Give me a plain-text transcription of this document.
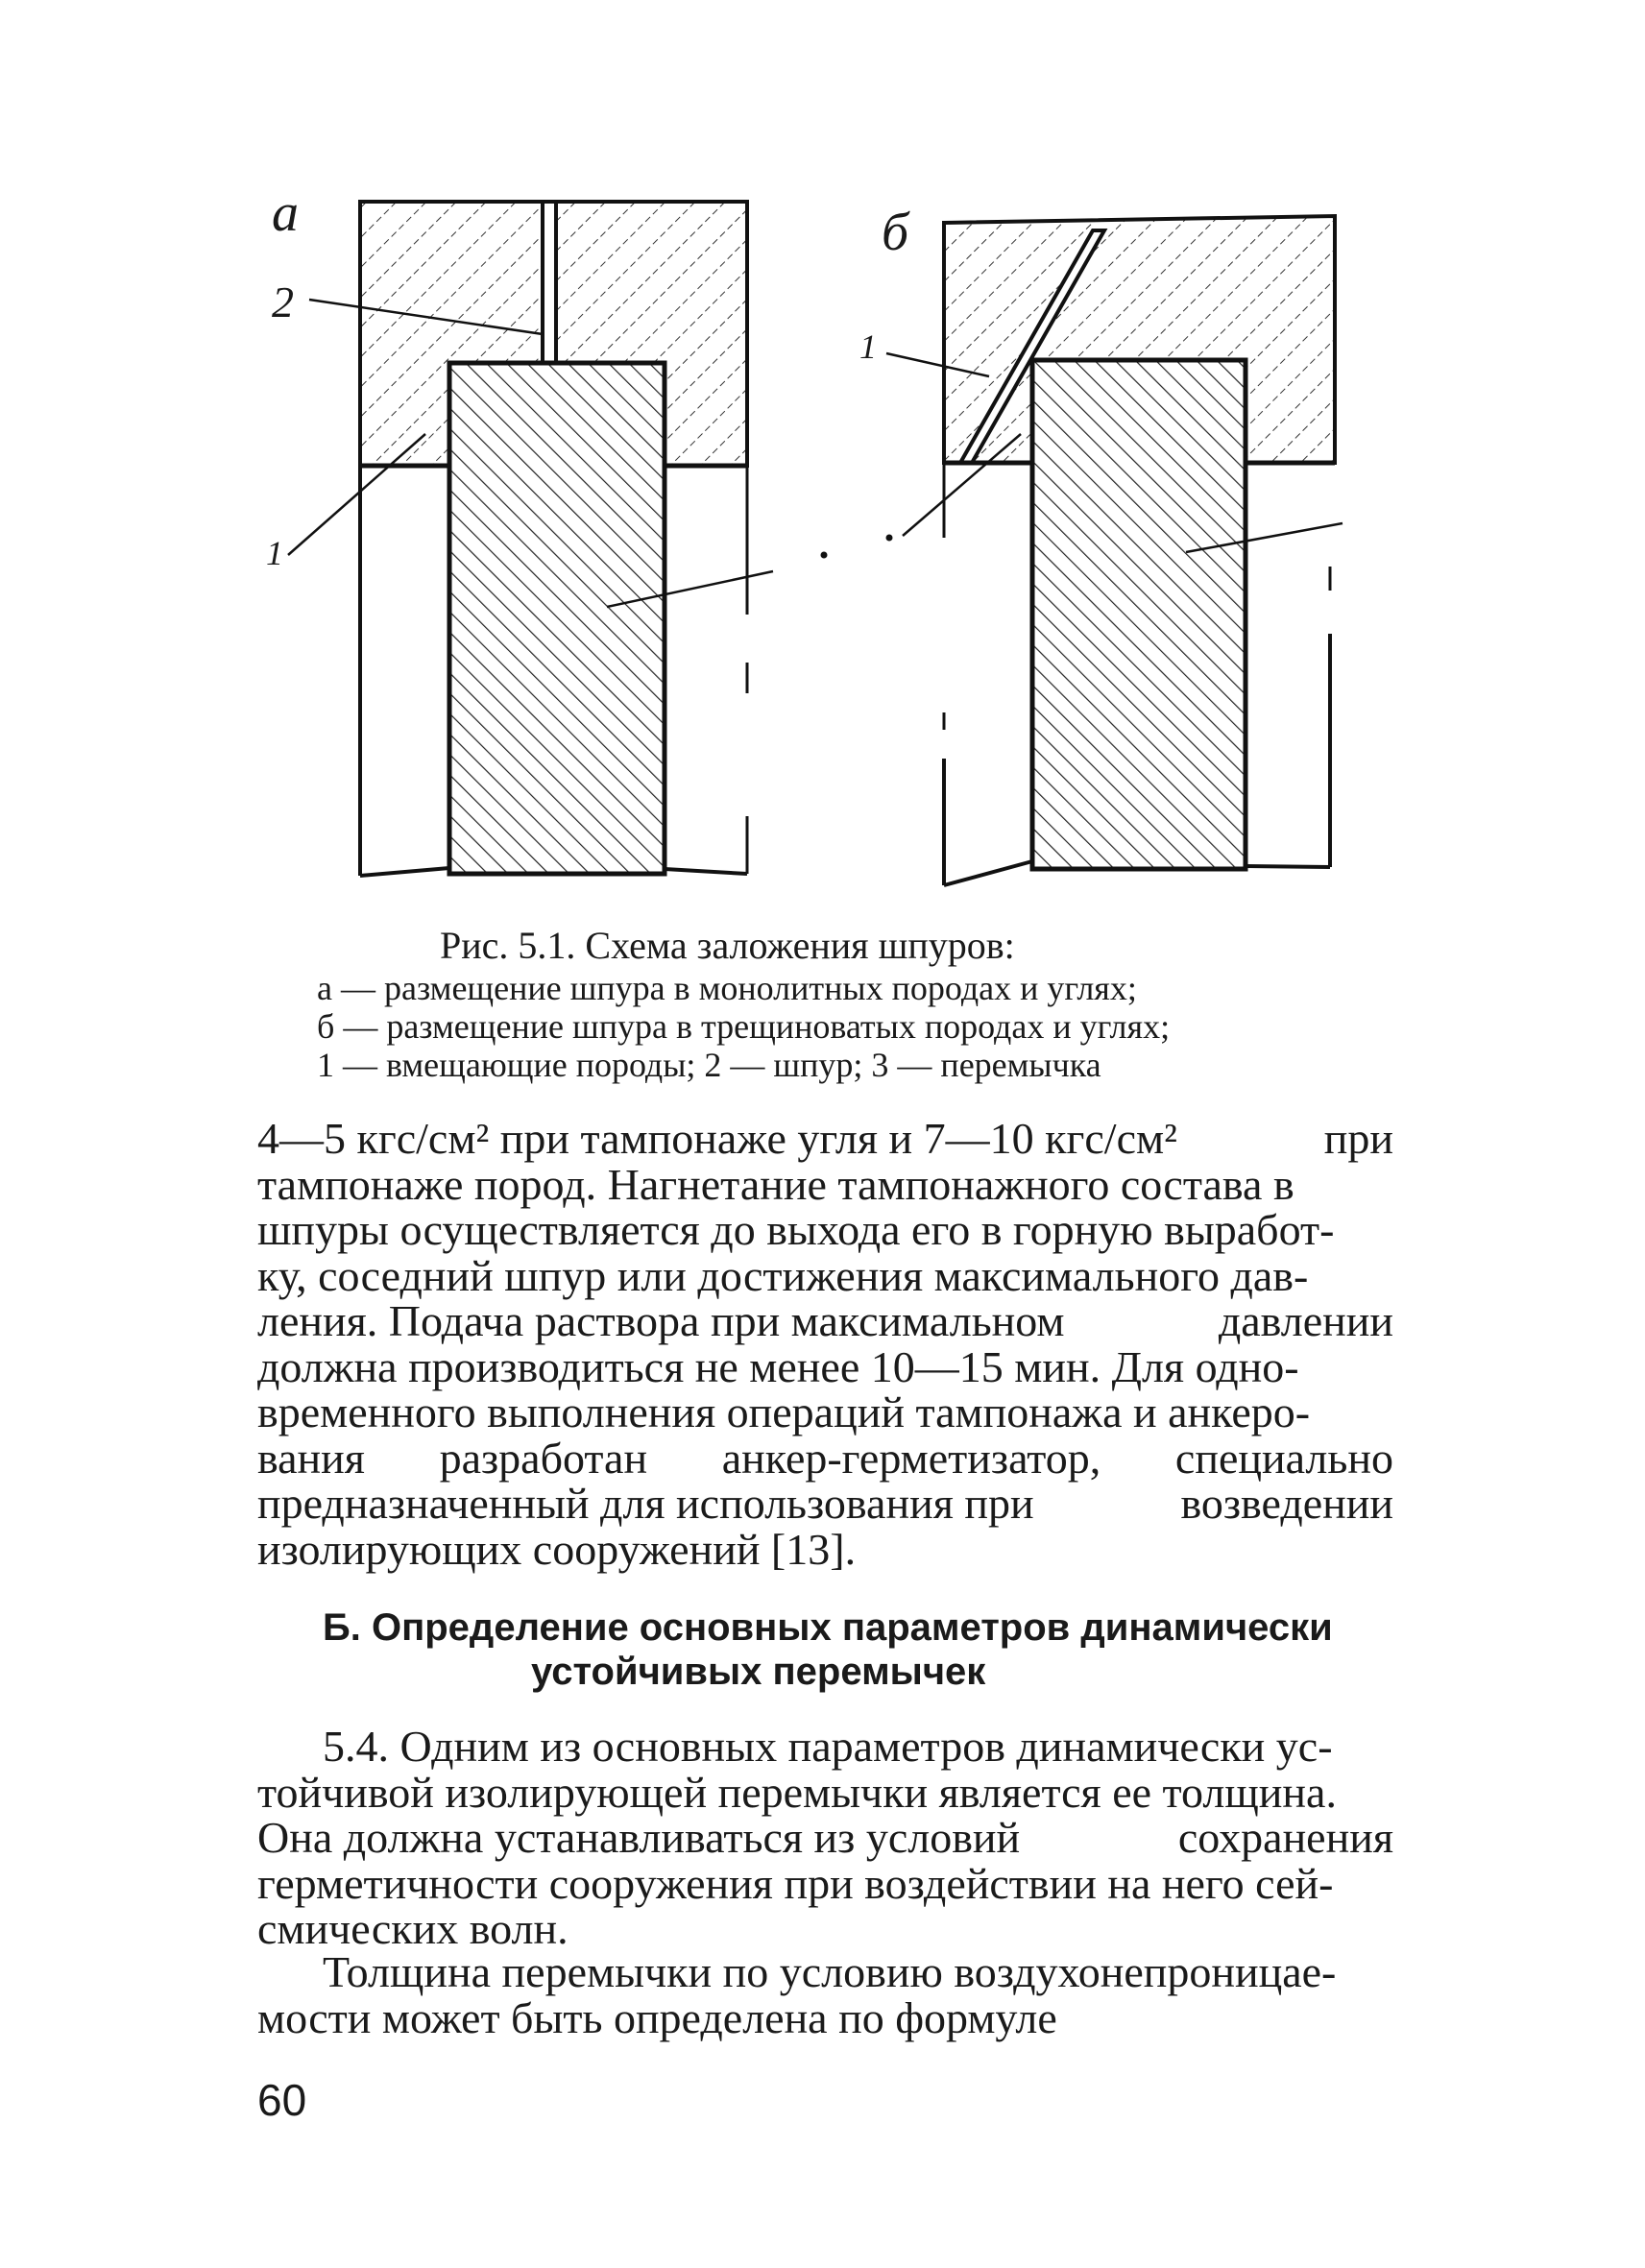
а
2
1
б
1
Рис. 5.1. Схема заложения шпуров:
а — размещение шпура в монолитных породах и углях;
б — размещение шпура в трещиноватых породах и углях;
1 — вмещающие породы; 2 — шпур; 3 — перемычка
4—5 кгс/см² при тампонаже угля и 7—10 кгс/см²	при
тампонаже пород. Нагнетание тампонажного состава в
шпуры осуществляется до выхода его в горную выработ-
ку, соседний шпур или достижения максимального дав-
ления. Подача раствора при максимальном	давлении
должна производиться не менее 10—15 мин. Для одно-
временного выполнения операций тампонажа и анкеро-
вания разработан анкер-герметизатор, специально
предназначенный для использования при	возведении
изолирующих сооружений [13].
Б. Определение основных параметров динамически
устойчивых перемычек
5.4. Одним из основных параметров динамически ус-
тойчивой изолирующей перемычки является ее толщина.
Она должна устанавливаться из условий	сохранения
герметичности сооружения при воздействии на него сей-
смических волн.
Толщина перемычки по условию воздухонепроницае-
мости может быть определена по формуле
60
